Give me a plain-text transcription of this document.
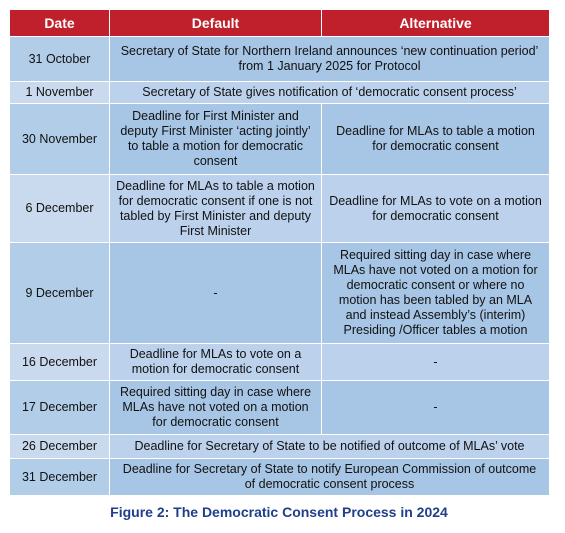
Date	Default	Alternative
31 October	Secretary of State for Northern Ireland announces ‘new continuation period’ from 1 January 2025 for Protocol	
1 November	Secretary of State gives notification of ‘democratic consent process’	
30 November	Deadline for First Minister and deputy First Minister ‘acting jointly’ to table a motion for democratic consent	Deadline for MLAs to table a motion for democratic consent
6 December	Deadline for MLAs to table a motion for democratic consent if one is not tabled by First Minister and deputy First Minister	Deadline for MLAs to vote on a motion for democratic consent
9 December	-	Required sitting day in case where MLAs have not voted on a motion for democratic consent or where no motion has been tabled by an MLA and instead Assembly’s (interim) Presiding /Officer tables a motion
16 December	Deadline for MLAs to vote on a motion for democratic consent	-
17 December	Required sitting day in case where MLAs have not voted on a motion for democratic consent	-
26 December	Deadline for Secretary of State to be notified of outcome of MLAs’ vote	
31 December	Deadline for Secretary of State to notify European Commission of outcome of democratic consent process	
Figure 2: The Democratic Consent Process in 2024
